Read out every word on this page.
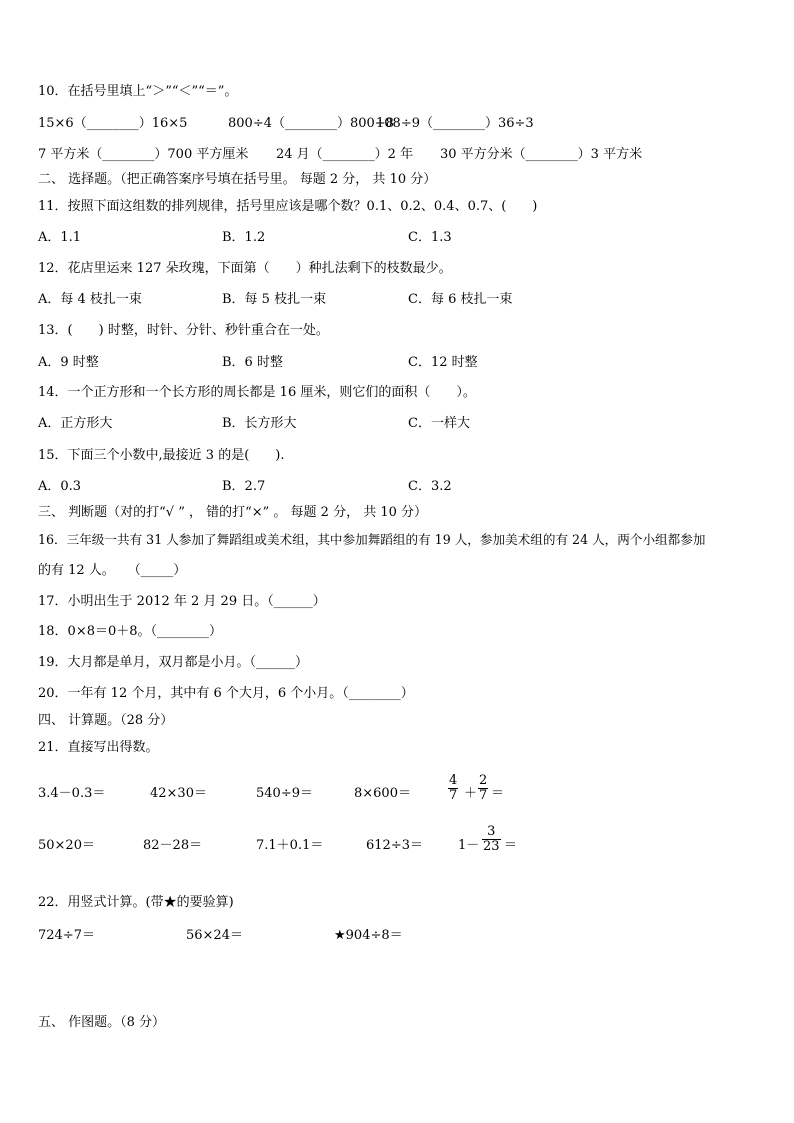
10．在括号里填上“＞”“＜”“＝”。
15×6（________）16×5	800÷4（________）800÷8
108÷9（________）36÷3
7 平方米（________）700 平方厘米 24 月（________）2 年 30 平方分米（________）3 平方米
二、 选择题。（把正确答案序号填在括号里。 每题 2 分， 共 10 分）
11．按照下面这组数的排列规律，括号里应该是哪个数？0.1、0.2、0.4、0.7、(　　)
A．1.1	B．1.2	C．1.3
12．花店里运来 127 朵玫瑰，下面第（　　）种扎法剩下的枝数最少。
A．每 4 枝扎一束	B．每 5 枝扎一束	C．每 6 枝扎一束
13．(　　) 时整，时针、分针、秒针重合在一处。
A．9 时整	B．6 时整	C．12 时整
14．一个正方形和一个长方形的周长都是 16 厘米，则它们的面积（　　）。
A．正方形大	B．长方形大	C．一样大
15．下面三个小数中,最接近 3 的是(　　).
A．0.3	B．2.7	C．3.2
三、 判断题（对的打“√ ” ， 错的打“×” 。 每题 2 分， 共 10 分）
16．三年级一共有 31 人参加了舞蹈组或美术组，其中参加舞蹈组的有 19 人，参加美术组的有 24 人，两个小组都参加
的有 12 人。　　（_____）
17．小明出生于 2012 年 2 月 29 日。（______）
18．0×8＝0＋8。（________）
19．大月都是单月，双月都是小月。（______）
20．一年有 12 个月，其中有 6 个大月，6 个小月。（________）
四、 计算题。（28 分）
21．直接写出得数。
3.4－0.3＝	42×30＝	540÷9＝	8×600＝
4
7 ＋
2
7 ＝
50×20＝	82－28＝	7.1＋0.1＝	612÷3＝	1－
3
23 ＝
22．用竖式计算。(带★的要验算)
724÷7＝	56×24＝	★904÷8＝
五、 作图题。（8 分）
